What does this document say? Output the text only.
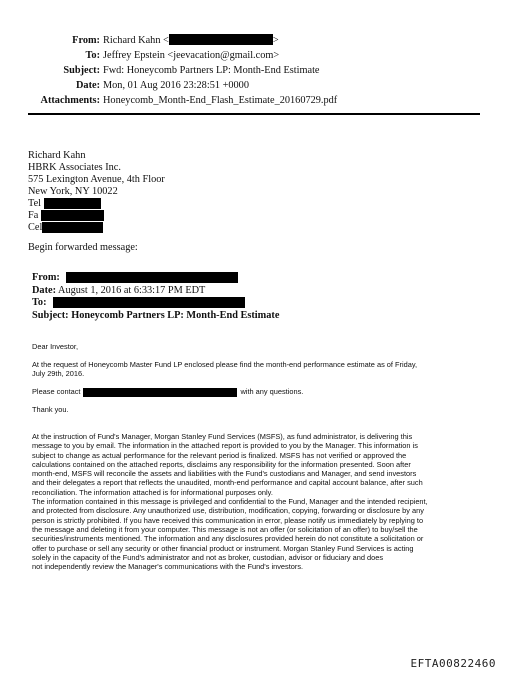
From: Richard Kahn <	>
To: Jeffrey Epstein <jeevacation@gmail.com>
Subject: Fwd: Honeycomb Partners LP: Month-End Estimate
Date: Mon, 01 Aug 2016 23:28:51 +0000
Attachments: Honeycomb_Month-End_Flash_Estimate_20160729.pdf
Richard Kahn
HBRK Associates Inc.
575 Lexington Avenue, 4th Floor
New York, NY 10022
Tel
Fa
Cel
Begin forwarded message:
From:
Date: August 1, 2016 at 6:33:17 PM EDT
To:
Subject: Honeycomb Partners LP: Month-End Estimate
Dear Investor,
At the request of Honeycomb Master Fund LP enclosed please find the month-end performance estimate as of Friday,
July 29th, 2016.
Please contact	with any questions.
Thank you.
At the instruction of Fund's Manager, Morgan Stanley Fund Services (MSFS), as fund administrator, is delivering this
message to you by email. The information in the attached report is provided to you by the Manager. This information is
subject to change as actual performance for the relevant period is finalized. MSFS has not verified or approved the
calculations contained on the attached reports, disclaims any responsibility for the information presented. Soon after
month-end, MSFS will reconcile the assets and liabilities with the Fund's custodians and Manager, and send investors
and their delegates a report that reflects the unaudited, month-end performance and capital account balance, after such
reconciliation. The information attached is for informational purposes only.
The information contained in this message is privileged and confidential to the Fund, Manager and the intended recipient,
and protected from disclosure. Any unauthorized use, distribution, modification, copying, forwarding or disclosure by any
person is strictly prohibited. If you have received this communication in error, please notify us immediately by replying to
the message and deleting it from your computer. This message is not an offer (or solicitation of an offer) to buy/sell the
securities/instruments mentioned. The information and any disclosures provided herein do not constitute a solicitation or
offer to purchase or sell any security or other financial product or instrument. Morgan Stanley Fund Services is acting
solely in the capacity of the Fund's administrator and not as broker, custodian, advisor or fiduciary and does
not independently review the Manager's communications with the Fund's investors.
EFTA00822460
